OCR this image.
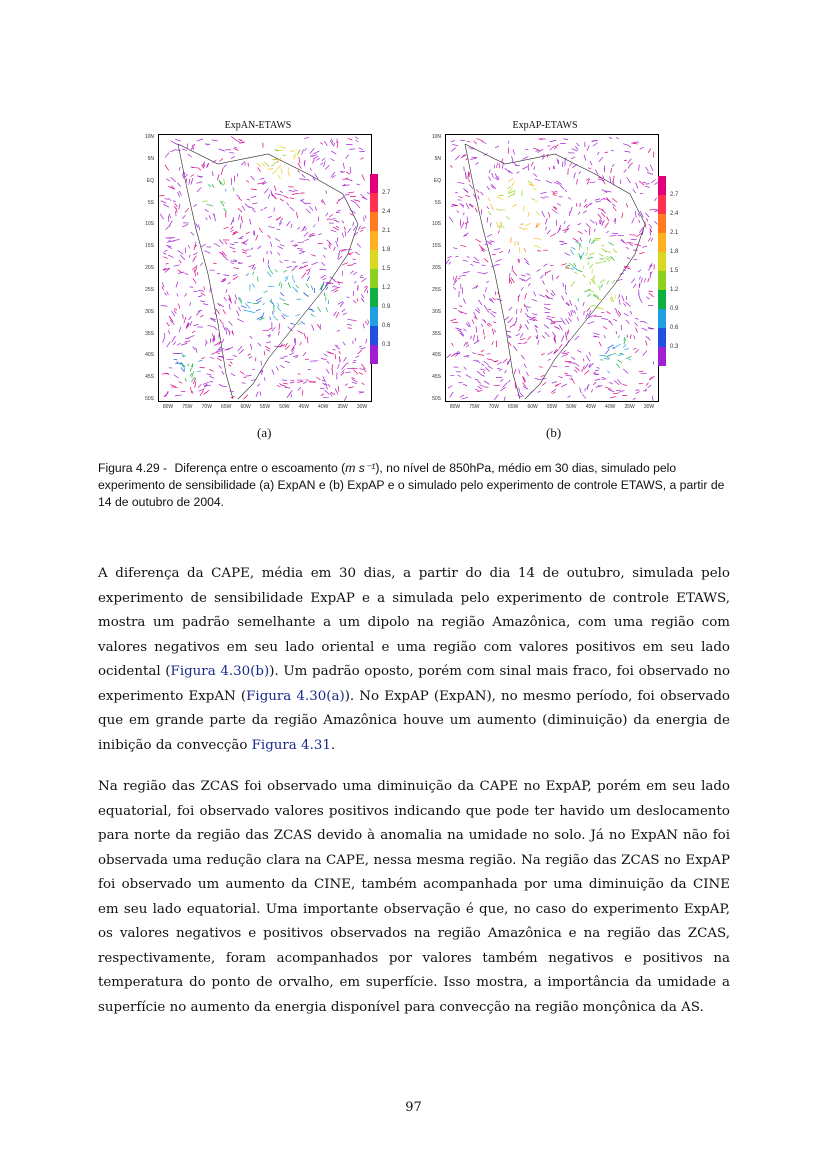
ExpAN-ETAWS
10N
5N
EQ
5S
10S
15S
20S
25S
30S
35S
40S
45S
50S
80W 75W 70W 65W 60W 55W 50W 45W 40W 35W 30W
2.7
2.4
2.1
1.8
1.5
1.2
0.9
0.6
0.3
(a)
ExpAP-ETAWS
10N
5N
EQ
5S
10S
15S
20S
25S
30S
35S
40S
45S
50S
80W 75W 70W 65W 60W 55W 50W 45W 40W 35W 30W
2.7
2.4
2.1
1.8
1.5
1.2
0.9
0.6
0.3
(b)
Figura 4.29 - Diferença entre o escoamento (m s⁻¹), no nível de 850hPa, médio em 30 dias, simulado pelo experimento de sensibilidade (a) ExpAN e (b) ExpAP e o simulado pelo experimento de controle ETAWS, a partir de 14 de outubro de 2004.
A diferença da CAPE, média em 30 dias, a partir do dia 14 de outubro, simulada pelo experimento de sensibilidade ExpAP e a simulada pelo experimento de controle ETAWS, mostra um padrão semelhante a um dipolo na região Amazônica, com uma região com valores negativos em seu lado oriental e uma região com valores positivos em seu lado ocidental (Figura 4.30(b)). Um padrão oposto, porém com sinal mais fraco, foi observado no experimento ExpAN (Figura 4.30(a)). No ExpAP (ExpAN), no mesmo período, foi observado que em grande parte da região Amazônica houve um aumento (diminuição) da energia de inibição da convecção Figura 4.31.
Na região das ZCAS foi observado uma diminuição da CAPE no ExpAP, porém em seu lado equatorial, foi observado valores positivos indicando que pode ter havido um deslocamento para norte da região das ZCAS devido à anomalia na umidade no solo. Já no ExpAN não foi observada uma redução clara na CAPE, nessa mesma região. Na região das ZCAS no ExpAP foi observado um aumento da CINE, também acompanhada por uma diminuição da CINE em seu lado equatorial. Uma importante observação é que, no caso do experimento ExpAP, os valores negativos e positivos observados na região Amazônica e na região das ZCAS, respectivamente, foram acompanhados por valores também negativos e positivos na temperatura do ponto de orvalho, em superfície. Isso mostra, a importância da umidade a superfície no aumento da energia disponível para convecção na região monçônica da AS.
97
